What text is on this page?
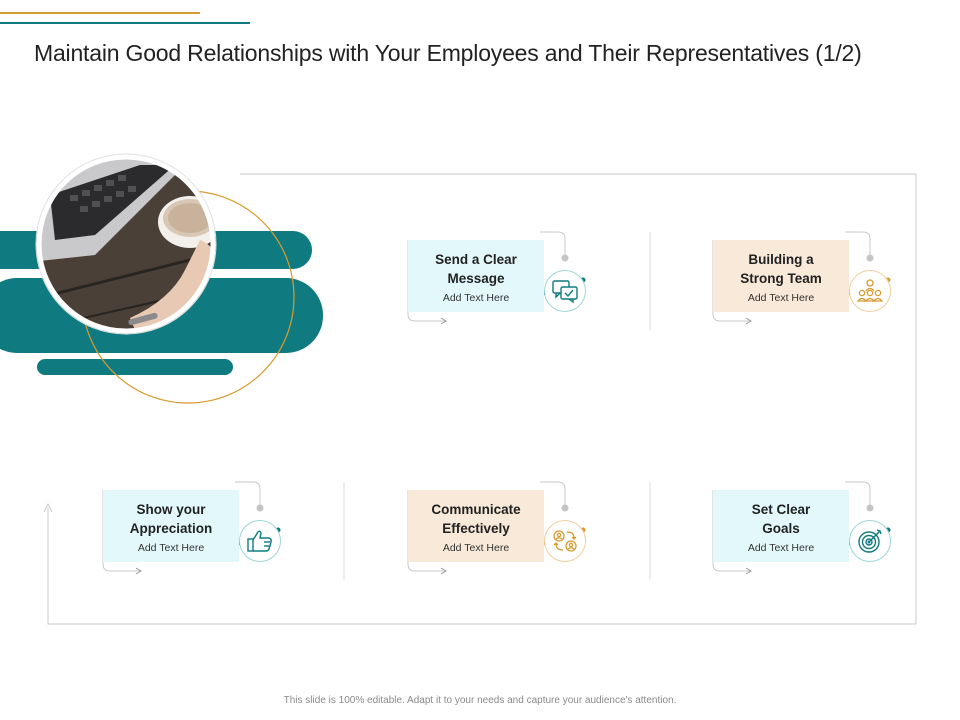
Maintain Good Relationships with Your Employees and Their Representatives (1/2)
Send a Clear
Message
Add Text Here
Building a
Strong Team
Add Text Here
Show your
Appreciation
Add Text Here
Communicate
Effectively
Add Text Here
Set Clear
Goals
Add Text Here
This slide is 100% editable. Adapt it to your needs and capture your audience's attention.
